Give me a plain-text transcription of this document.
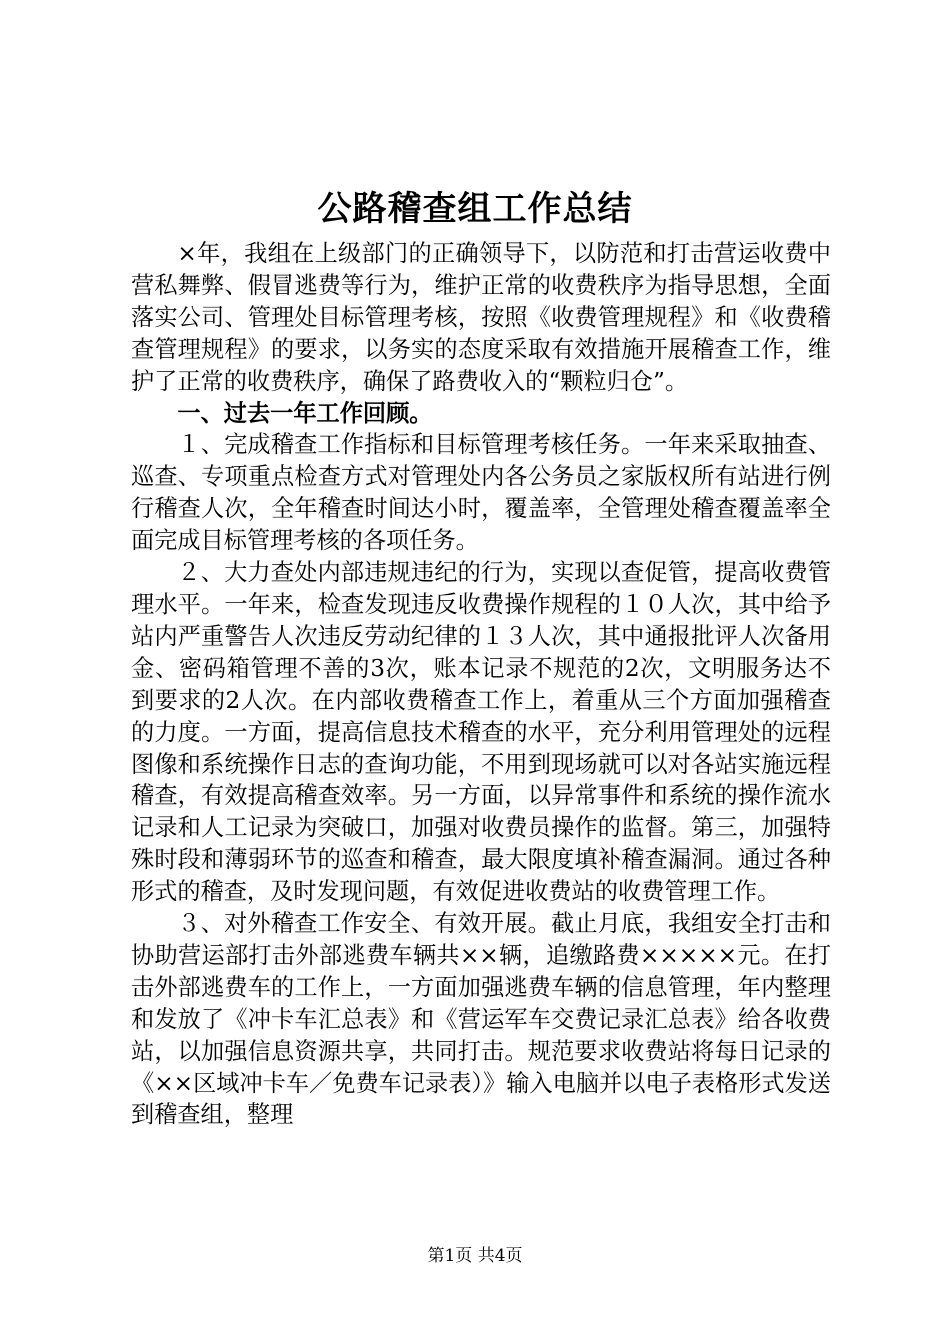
公路稽查组工作总结

×年，我组在上级部门的正确领导下，以防范和打击营运收费中营私舞弊、假冒逃费等行为，维护正常的收费秩序为指导思想，全面落实公司、管理处目标管理考核，按照《收费管理规程》和《收费稽查管理规程》的要求，以务实的态度采取有效措施开展稽查工作，维护了正常的收费秩序，确保了路费收入的“颗粒归仓”。

一、过去一年工作回顾。

１、完成稽查工作指标和目标管理考核任务。一年来采取抽查、巡查、专项重点检查方式对管理处内各公务员之家版权所有站进行例行稽查人次，全年稽查时间达小时，覆盖率，全管理处稽查覆盖率全面完成目标管理考核的各项任务。

２、大力查处内部违规违纪的行为，实现以查促管，提高收费管理水平。一年来，检查发现违反收费操作规程的１０人次，其中给予站内严重警告人次违反劳动纪律的１３人次，其中通报批评人次备用金、密码箱管理不善的3次，账本记录不规范的2次，文明服务达不到要求的2人次。在内部收费稽查工作上，着重从三个方面加强稽查的力度。一方面，提高信息技术稽查的水平，充分利用管理处的远程图像和系统操作日志的查询功能，不用到现场就可以对各站实施远程稽查，有效提高稽查效率。另一方面，以异常事件和系统的操作流水记录和人工记录为突破口，加强对收费员操作的监督。第三，加强特殊时段和薄弱环节的巡查和稽查，最大限度填补稽查漏洞。通过各种形式的稽查，及时发现问题，有效促进收费站的收费管理工作。

３、对外稽查工作安全、有效开展。截止月底，我组安全打击和协助营运部打击外部逃费车辆共××辆，追缴路费×××××元。在打击外部逃费车的工作上，一方面加强逃费车辆的信息管理，年内整理和发放了《冲卡车汇总表》和《营运军车交费记录汇总表》给各收费站，以加强信息资源共享，共同打击。规范要求收费站将每日记录的《××区域冲卡车／免费车记录表）》输入电脑并以电子表格形式发送到稽查组，整理

第1页 共4页
